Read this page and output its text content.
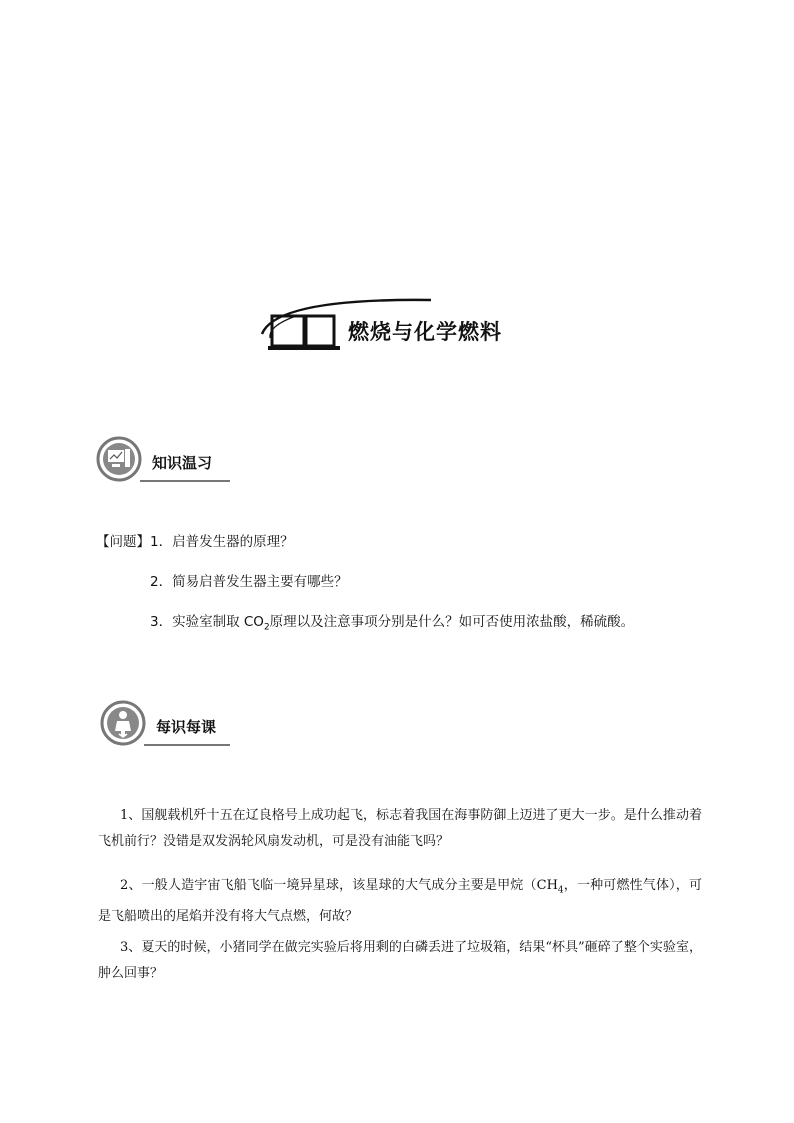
燃烧与化学燃料
知识温习
【问题】1．启普发生器的原理？
2．简易启普发生器主要有哪些？
3．实验室制取 $CO_2$原理以及注意事项分别是什么？如可否使用浓盐酸，稀硫酸。
每识每课
1、国舰载机歼十五在辽良格号上成功起飞，标志着我国在海事防御上迈进了更大一步。是什么推动着飞机前行？没错是双发涡轮风扇发动机，可是没有油能飞吗？
2、一般人造宇宙飞船飞临一境异星球，该星球的大气成分主要是甲烷（$CH_4$，一种可燃性气体），可是飞船喷出的尾焰并没有将大气点燃，何故？
3、夏天的时候，小猪同学在做完实验后将用剩的白磷丢进了垃圾箱，结果“杯具”砸碎了整个实验室，肿么回事？
